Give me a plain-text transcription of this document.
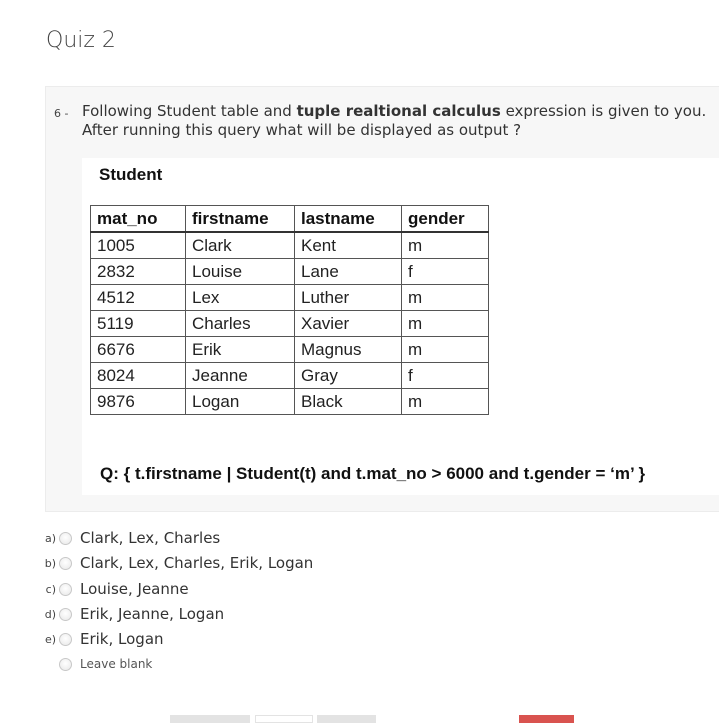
Quiz 2
6 - Following Student table and tuple realtional calculus expression is given to you.
After running this query what will be displayed as output ?
Student
mat_no	firstname	lastname	gender
1005	Clark	Kent	m
2832	Louise	Lane	f
4512	Lex	Luther	m
5119	Charles	Xavier	m
6676	Erik	Magnus	m
8024	Jeanne	Gray	f
9876	Logan	Black	m
Q: { t.firstname | Student(t) and t.mat_no > 6000 and t.gender = ‘m’ }
a) Clark, Lex, Charles
b) Clark, Lex, Charles, Erik, Logan
c) Louise, Jeanne
d) Erik, Jeanne, Logan
e) Erik, Logan
Leave blank
